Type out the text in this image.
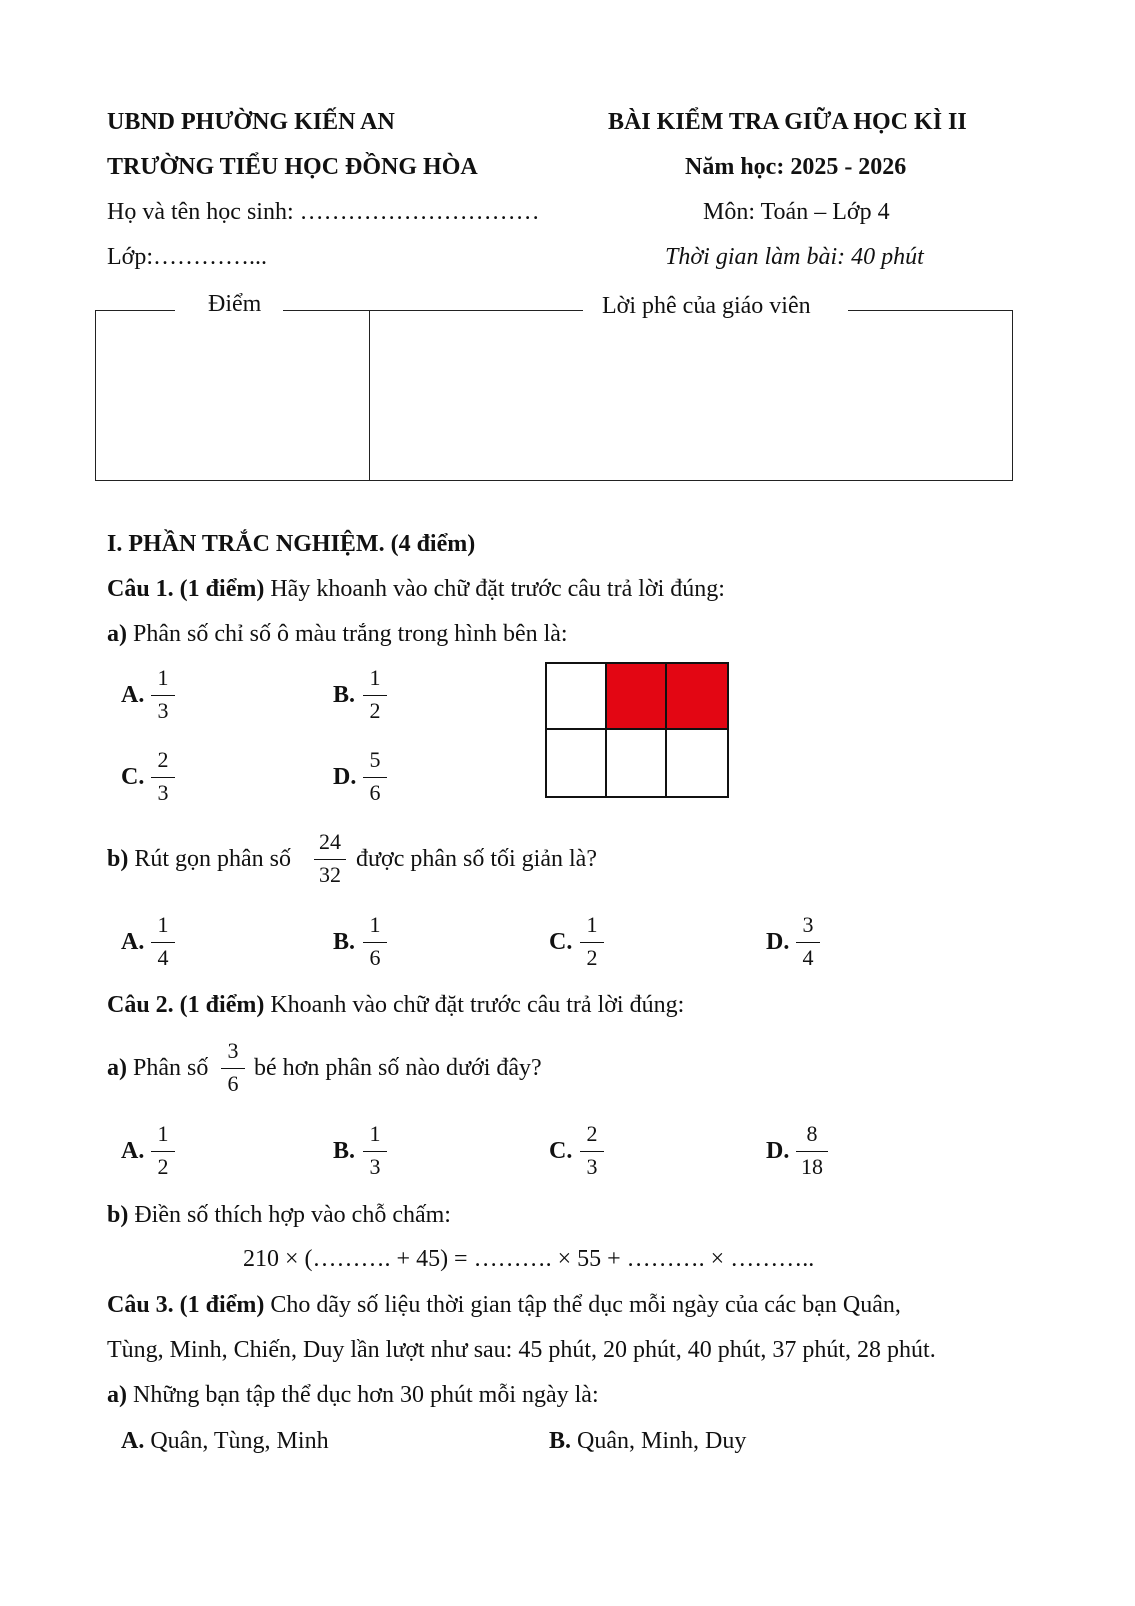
UBND PHƯỜNG KIẾN AN
TRƯỜNG TIỂU HỌC ĐỒNG HÒA
Họ và tên học sinh: …………………………
Lớp:…………...
BÀI KIỂM TRA GIỮA HỌC KÌ II
Năm học: 2025 - 2026
Môn: Toán – Lớp 4
Thời gian làm bài: 40 phút
Điểm	Lời phê của giáo viên
I. PHẦN TRẮC NGHIỆM. (4 điểm)
Câu 1. (1 điểm) Hãy khoanh vào chữ đặt trước câu trả lời đúng:
a) Phân số chỉ số ô màu trắng trong hình bên là:
A.
1
3
B.
1
2
C.
2
3
D.
5
6
b) Rút gọn phân số
24
32
được phân số tối giản là?
A.
1
4
B.
1
6
C.
1
2
D.
3
4
Câu 2. (1 điểm) Khoanh vào chữ đặt trước câu trả lời đúng:
a) Phân số
3
6
bé hơn phân số nào dưới đây?
A.
1
2
B.
1
3
C.
2
3
D.
8
18
b) Điền số thích hợp vào chỗ chấm:
210 × (………. + 45) = ………. × 55 + ………. × ………..
Câu 3. (1 điểm) Cho dãy số liệu thời gian tập thể dục mỗi ngày của các bạn Quân,
Tùng, Minh, Chiến, Duy lần lượt như sau: 45 phút, 20 phút, 40 phút, 37 phút, 28 phút.
a) Những bạn tập thể dục hơn 30 phút mỗi ngày là:
A. Quân, Tùng, Minh	B. Quân, Minh, Duy
